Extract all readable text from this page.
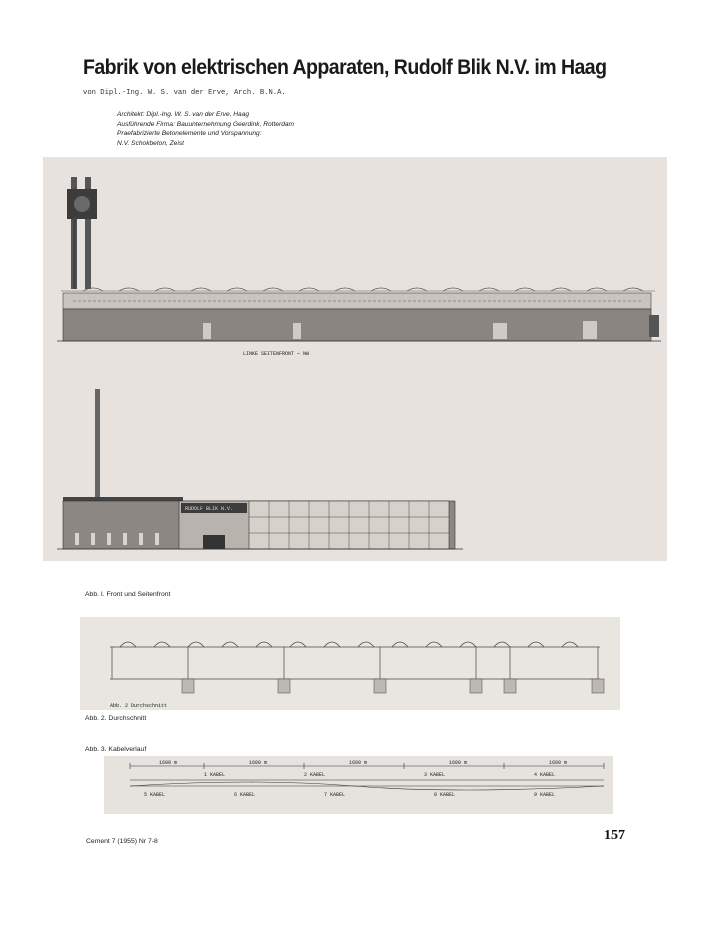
Fabrik von elektrischen Apparaten, Rudolf Blik N.V. im Haag
von Dipl.-Ing. W. S. van der Erve, Arch. B.N.A.
Architekt: Dipl.-Ing. W. S. van der Erve, Haag
Ausführende Firma: Bauunternehmung Geerdink, Rotterdam
Praefabrizierte Betonelemente und Vorspannung:
N.V. Schokbeton, Zeist
LINKE SEITENFRONT — NW
RUDOLF BLIK N.V.
Abb. I. Front und Seitenfront
Abb. 2 Durchschnitt
Abb. 2. Durchschnitt
Abb. 3. Kabelverlauf
1600 m	1600 m	1600 m	1600 m	1600 m
1 KABEL	2 KABEL	3 KABEL	4 KABEL
5 KABEL	6 KABEL	7 KABEL	8 KABEL	9 KABEL
Cement 7 (1955) Nr 7-8	157
